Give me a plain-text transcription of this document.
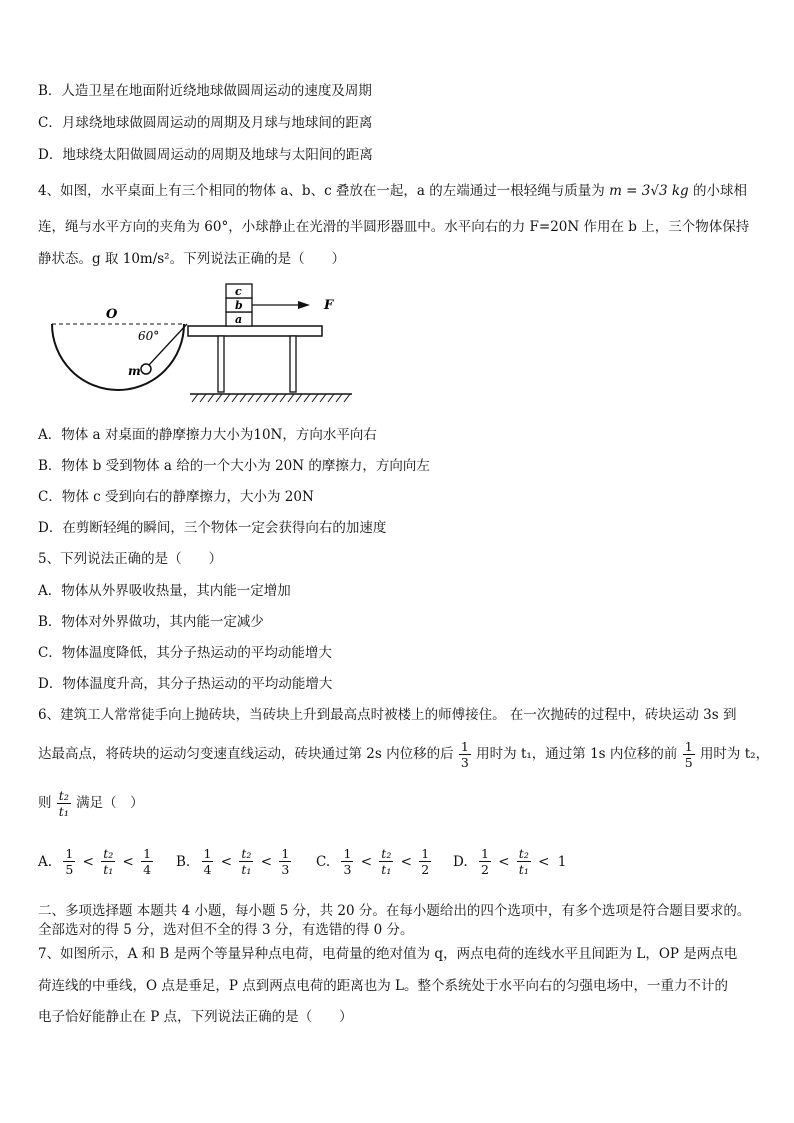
B．人造卫星在地面附近绕地球做圆周运动的速度及周期
C．月球绕地球做圆周运动的周期及月球与地球间的距离
D．地球绕太阳做圆周运动的周期及地球与太阳间的距离
4、如图，水平桌面上有三个相同的物体 a、b、c 叠放在一起，a 的左端通过一根轻绳与质量为 m = 3√3 kg 的小球相
连，绳与水平方向的夹角为 60°，小球静止在光滑的半圆形器皿中。水平向右的力 F=20N 作用在 b 上，三个物体保持
静状态。g 取 10m/s²。下列说法正确的是（　　）
O
60°
m
c
b
a
F
A．物体 a 对桌面的静摩擦力大小为10N，方向水平向右
B．物体 b 受到物体 a 给的一个大小为 20N 的摩擦力，方向向左
C．物体 c 受到向右的静摩擦力，大小为 20N
D．在剪断轻绳的瞬间，三个物体一定会获得向右的加速度
5、下列说法正确的是（　　）
A．物体从外界吸收热量，其内能一定增加
B．物体对外界做功，其内能一定减少
C．物体温度降低，其分子热运动的平均动能增大
D．物体温度升高，其分子热运动的平均动能增大
6、建筑工人常常徒手向上抛砖块，当砖块上升到最高点时被楼上的师傅接住。 在一次抛砖的过程中，砖块运动 3s 到
达最高点，将砖块的运动匀变速直线运动，砖块通过第 2s 内位移的后 $\frac{1}{3}$ 用时为 t₁，通过第 1s 内位移的前 $\frac{1}{5}$ 用时为 t₂，
则 $\frac{\text{t₂}}{\text{t₁}}$ 满足（　）
A. $\frac{1}{5} < \frac{\text{t₂}}{\text{t₁}} < \frac{1}{4} B$. $\frac{1}{4} < \frac{\text{t₂}}{\text{t₁}} < \frac{1}{3} C$. $\frac{1}{3} < \frac{\text{t₂}}{\text{t₁}} < \frac{1}{2} D$. $\frac{1}{2} < \frac{\text{t₂}}{\text{t₁}} < 1$
二、多项选择题 本题共 4 小题，每小题 5 分，共 20 分。在每小题给出的四个选项中，有多个选项是符合题目要求的。
全部选对的得 5 分，选对但不全的得 3 分，有选错的得 0 分。
7、如图所示，A 和 B 是两个等量异种点电荷，电荷量的绝对值为 q，两点电荷的连线水平且间距为 L，OP 是两点电
荷连线的中垂线，O 点是垂足，P 点到两点电荷的距离也为 L。整个系统处于水平向右的匀强电场中，一重力不计的
电子恰好能静止在 P 点，下列说法正确的是（　　）
